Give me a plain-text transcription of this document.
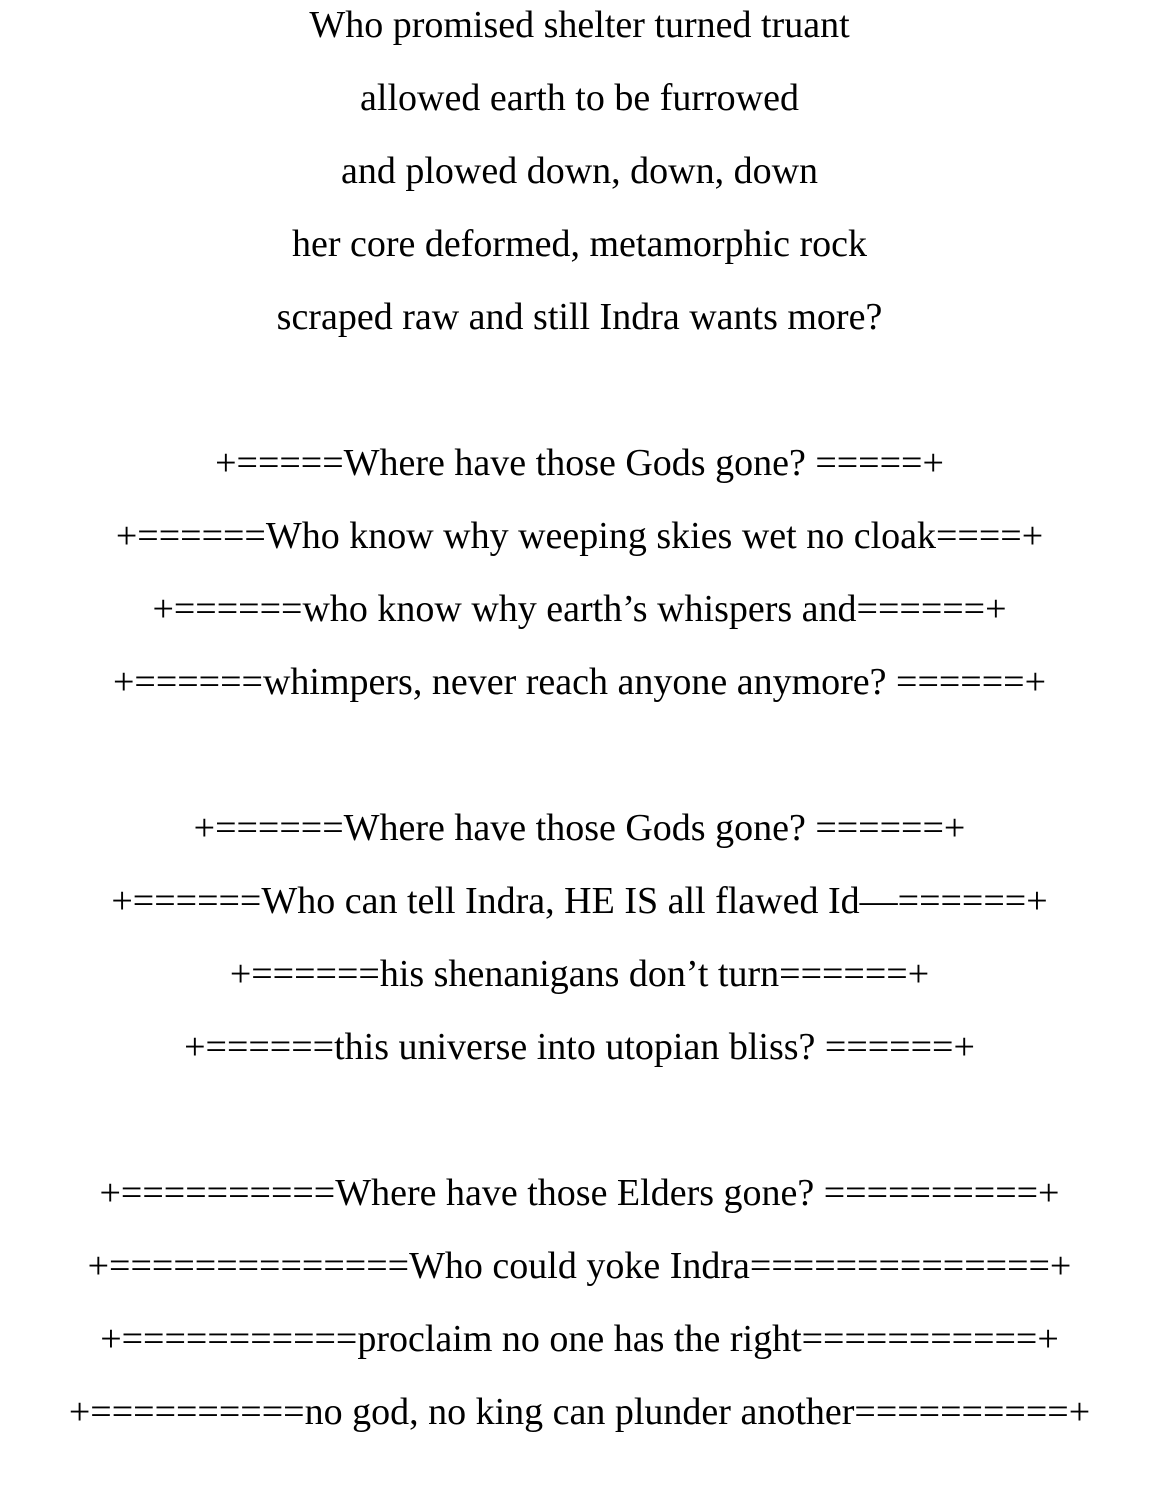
Who promised shelter turned truant
allowed earth to be furrowed
and plowed down, down, down
her core deformed, metamorphic rock
scraped raw and still Indra wants more?
+=====Where have those Gods gone? =====+
+======Who know why weeping skies wet no cloak====+
+======who know why earth’s whispers and======+
+======whimpers, never reach anyone anymore? ======+
+======Where have those Gods gone? ======+
+======Who can tell Indra, HE IS all flawed Id—======+
+======his shenanigans don’t turn======+
+======this universe into utopian bliss? ======+
+==========Where have those Elders gone? ==========+
+==============Who could yoke Indra==============+
+===========proclaim no one has the right===========+
+==========no god, no king can plunder another==========+
